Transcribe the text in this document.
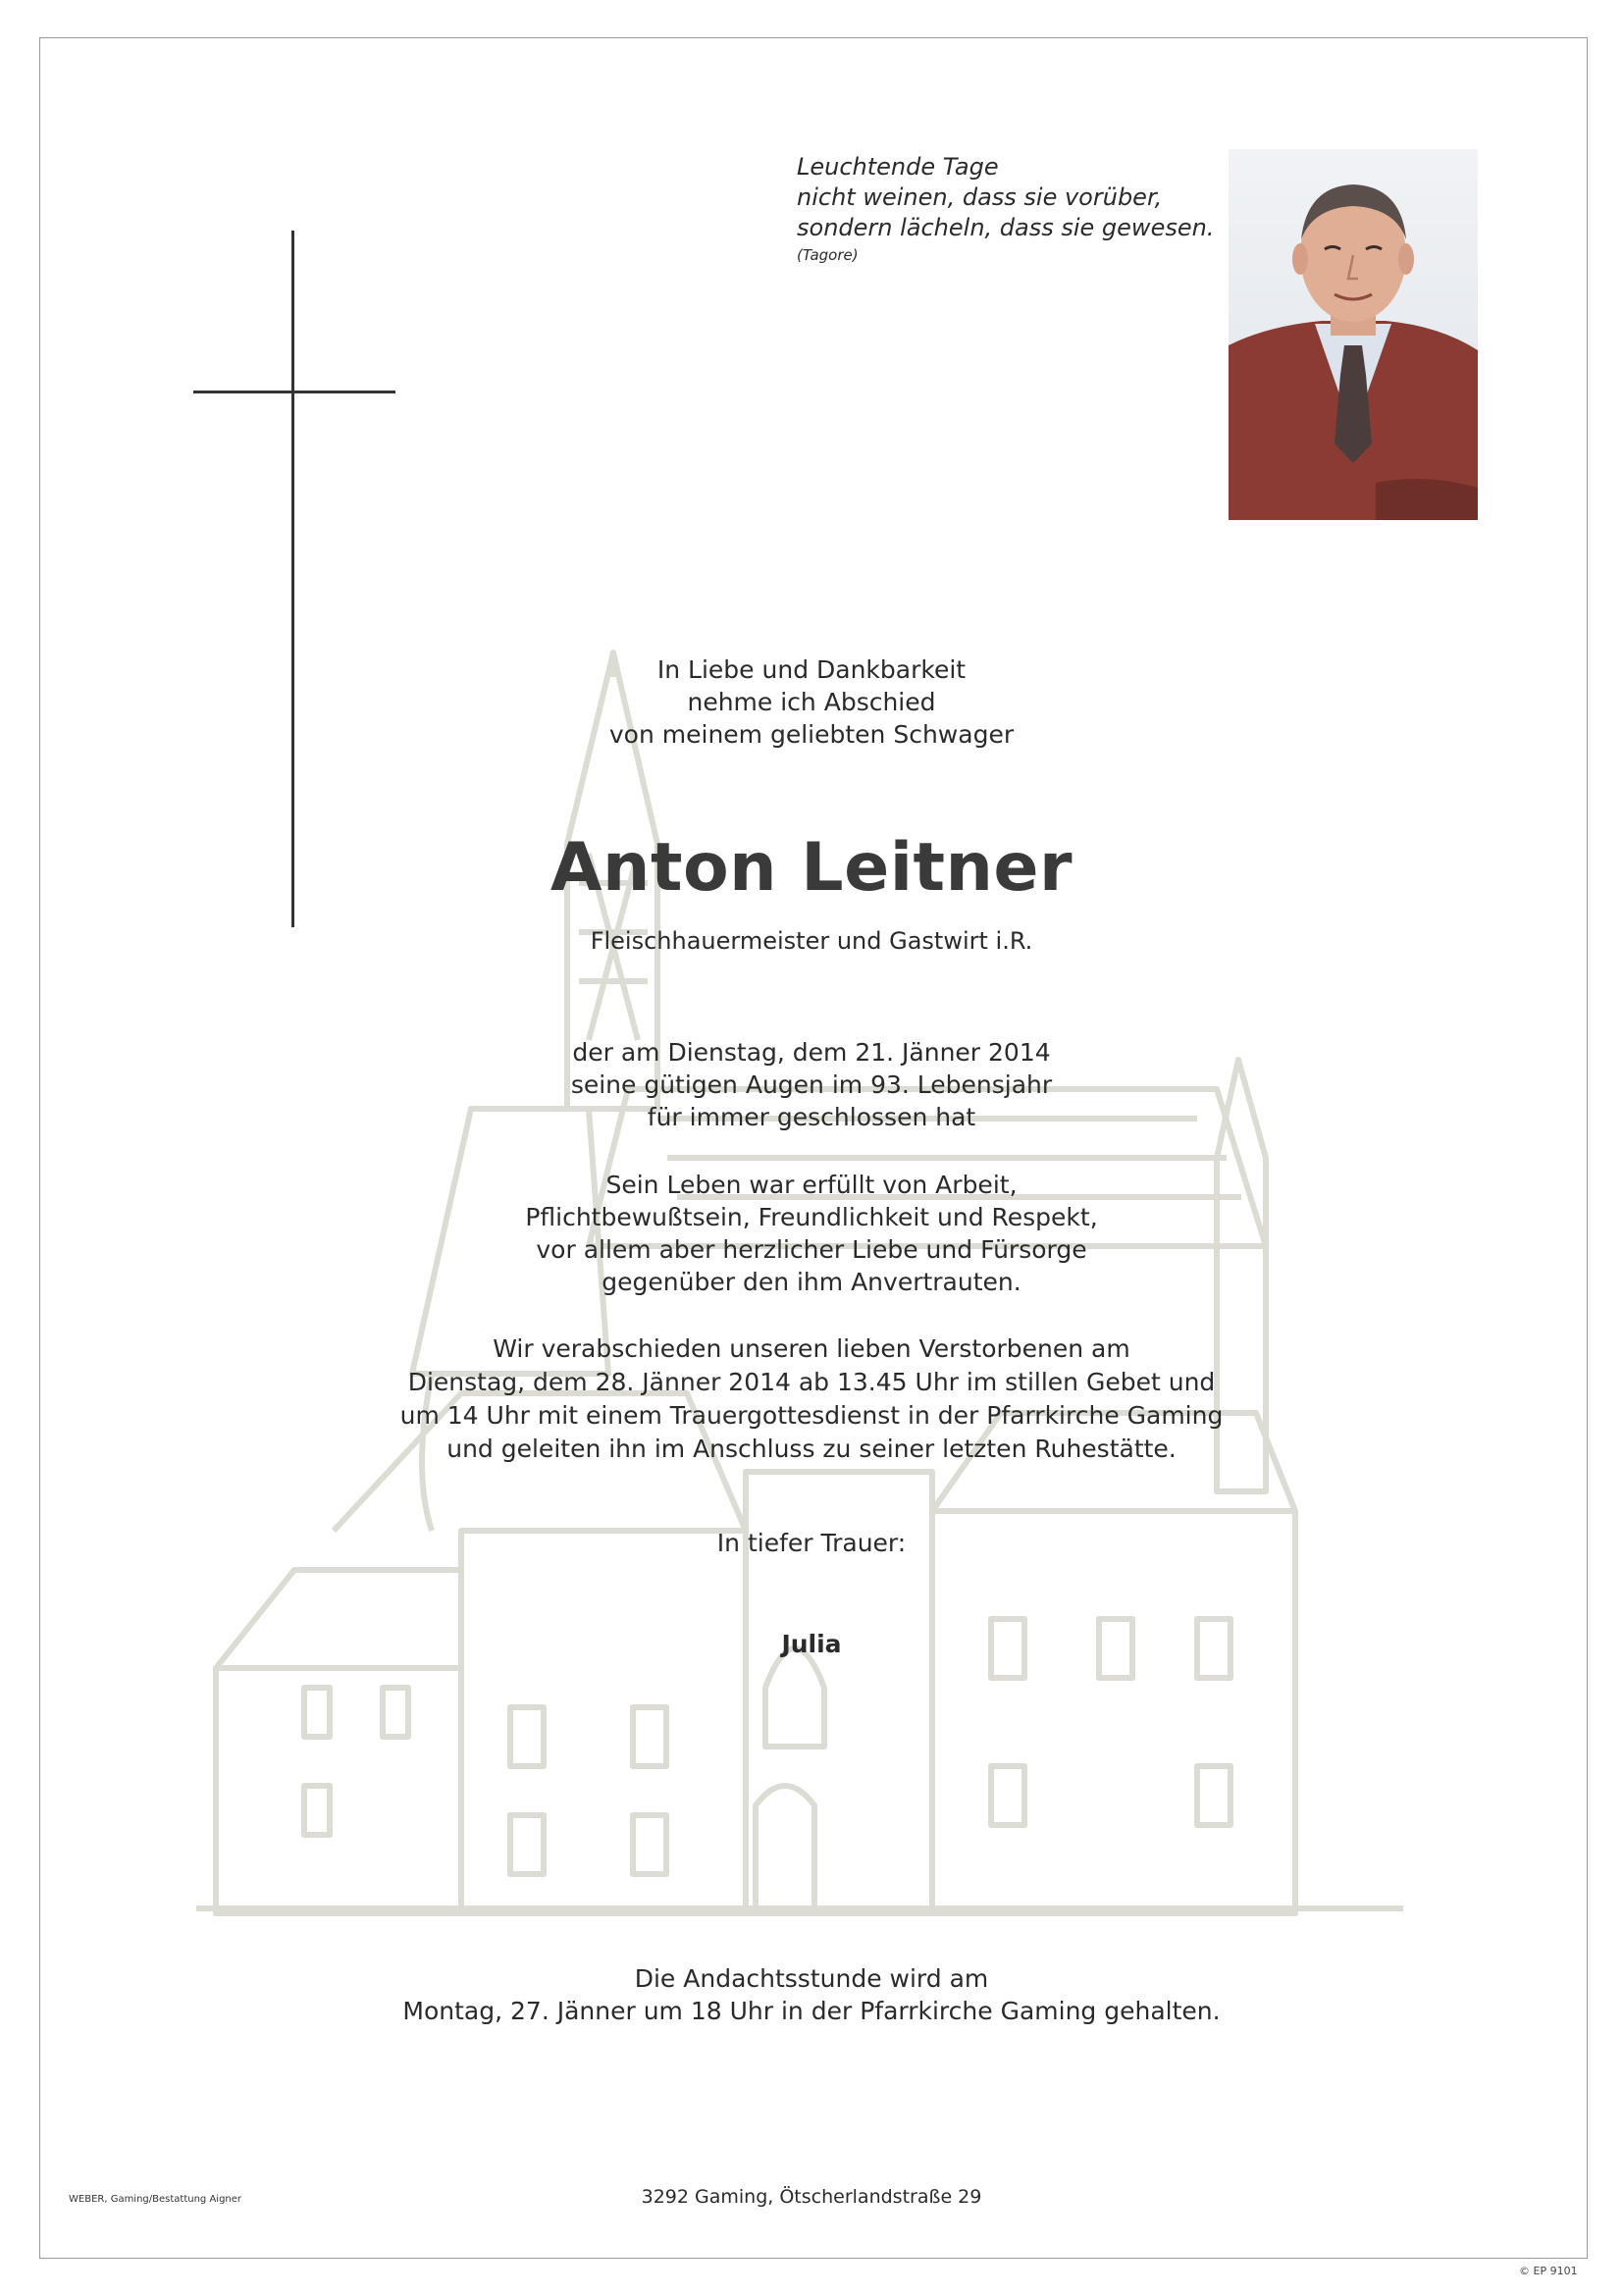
Leuchtende Tage
nicht weinen, dass sie vorüber,
sondern lächeln, dass sie gewesen.
(Tagore)
In Liebe und Dankbarkeit
nehme ich Abschied
von meinem geliebten Schwager
Anton Leitner
Fleischhauermeister und Gastwirt i.R.
der am Dienstag, dem 21. Jänner 2014
seine gütigen Augen im 93. Lebensjahr
für immer geschlossen hat
Sein Leben war erfüllt von Arbeit,
Pflichtbewußtsein, Freundlichkeit und Respekt,
vor allem aber herzlicher Liebe und Fürsorge
gegenüber den ihm Anvertrauten.
Wir verabschieden unseren lieben Verstorbenen am
Dienstag, dem 28. Jänner 2014 ab 13.45 Uhr im stillen Gebet und
um 14 Uhr mit einem Trauergottesdienst in der Pfarrkirche Gaming
und geleiten ihn im Anschluss zu seiner letzten Ruhestätte.
In tiefer Trauer:
Julia
Die Andachtsstunde wird am
Montag, 27. Jänner um 18 Uhr in der Pfarrkirche Gaming gehalten.
3292 Gaming, Ötscherlandstraße 29
WEBER, Gaming/Bestattung Aigner
© EP 9101
